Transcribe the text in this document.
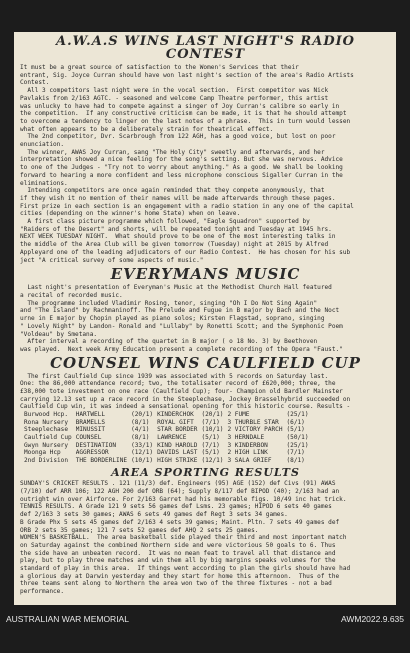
A.W.A.S WINS LAST NIGHT'S RADIO CONTEST
It must be a great source of satisfaction to the Women's Services that their
entrant, Sig. Joyce Curran should have won last night's section of the area's Radio Artists
Contest.
All 3 competitors last night were in the vocal section.  First competitor was Nick
Pavlakis from 2/163 AGTC. - seasoned and welcome Camp Theatre performer, this artist
was unlucky to have had to compete against a singer of Joy Curran's calibre so early in
the competition.  If any constructive criticism can be made, it is that he should attempt
to overcome a tendency to linger on the last notes of a phrase.  This in turn would lessen
what often appears to be a deliberately strain for theatrical effect.
The 2nd competitor, Dvr. Scarbrough from 122 AGH, has a good voice, but lost on poor
enunciation.
The winner, AWAS Joy Curran, sang "The Holy City" sweetly and afterwards, and her
interpretation showed a nice feeling for the song's setting. But she was nervous. Advice
to one of the Judges - "Try not to worry about anything." As a good. We shall be looking
forward to hearing a more confident and less microphone conscious Sigaller Curran in the
eliminations.
Intending competitors are once again reminded that they compete anonymously, that
if they wish it no mention of their names will be made afterwards through these pages.
First prize in each section is an engagement with a radio station in any one of the capital
cities (depending on the winner's home State) when on leave.
A first class picture programme which followed, "Eagle Squadron" supported by
"Raiders of the Desert" and shorts, will be repeated tonight and Tuesday at 1945 hrs.
NEXT WEEK TUESDAY NIGHT.  What should prove to be one of the most interesting talks in
the middle of the Area Club will be given tomorrow (Tuesday) night at 2015 by Alfred
Appleyard one of the leading adjudicators of our Radio Contest.  He has chosen for his sub
ject "A critical survey of some aspects of music."
EVERYMANS MUSIC
Last night's presentation of Everyman's Music at the Methodist Church Hall featured
a recital of recorded music.
The programme included Vladimir Rosing, tenor, singing "Oh I Do Not Sing Again"
and "The Island" by Rachmaninoff. The Prelude and Fugue in B major by Bach and the Noct
urne in E major by Chopin played as piano solos; Kirsten Flagstad, soprano, singing
" Lovely Night" by Landon- Ronald and "Lullaby" by Ronetti Scott; and the Symphonic Poem
"Voldeau" by Smetana.
After interval a recording of the quartet in B major ( o 18 No. 3) by Beethoven
was played.  Next week Army Education present a complete recording of the Opera "Faust."
COUNSEL WINS CAULFIELD CUP
The first Caulfield Cup since 1939 was associated with 5 records on Saturday last.
One: the 86,000 attendance record; two, the totalisater record of £620,000; three, the
£38,000 tote investment on one race (Caulfield Cup); four- Champion old Bardler Mainster
carrying 12.13 set up a race record in the Steeplechase, Jockey Brasselhybrid succeeded on
Caulfield Cup win, it was indeed a sensational opening for this historic course. Results -
Burwood Hcp.	HARTWELL	(20/1)	KINDERCHOK	(20/1)	2 FUME	(25/1)
Rona Nursery	BRAMELLS	(8/1)	ROYAL GIFT	(7/1)	3 THURBLE STAR	(6/1)
Steeplechase	MINUSSIT	(4/1)	STAR BORDER	(10/1)	2 VICTORY PARCH	(5/1)
Caulfield Cup	COUNSEL	(8/1)	LAWRENCE	(5/1)	3 HERNDALE	(50/1)
Gwyn Nursery	DESTINATION	(33/1)	KIND HAROLD	(7/1)	3 KINDERBON	(25/1)
Moonga Hcp	AGGRESSOR	(12/1)	DAVIDS LAST	(5/1)	2 HIGH LINK	(7/1)
2nd Division	THE BORDERLINE	(10/1)	HIGH STRIKE	(12/1)	3 SALA GRIEF	(8/1)
AREA SPORTING RESULTS
SUNDAY'S CRICKET RESULTS . 121 (11/3) def. Engineers (95) AGE (152) def Civs (91) AWAS
(7/10) def ARR 106; 122 AGH 200 def ORB (64); Supply 8/117 def BIPOD (40); 2/163 had an
outright win over Airforce. For 2/163 Garret had his memorable figs. 10/49 inc hat trick.
TENNIS RESULTS. A Grade 121 9 sets 56 games def Lsms. 23 games; HIPOD 6 sets 40 games
def 2/163 3 sets 30 games; AWAS 6 sets 49 games def Regt 3 sets 34 games.
B Grade Phx 5 sets 45 games def 2/163 4 sets 39 games; Maint. Pltn. 7 sets 49 games def
ORB 2 sets 35 games; 121 7 sets 52 games def AHQ 2 sets 25 games.
WOMEN'S BASKETBALL.  The area basketball side played their third and most important match
on Saturday against the combined Northern side and were victorious 50 goals to 6. Thus
the side have an unbeaten record.  It was no mean feat to travel all that distance and
play, but to play three matches and win them all by big margins speaks volumes for the
standard of play in this area.  If things went according to plan the girls should have had
a glorious day at Darwin yesterday and they start for home this afternoon.  Thus of the
three teams sent along to Northern the area won two of the three fixtures - not a bad
performance.
AUSTRALIAN WAR MEMORIAL	AWM2022.9.635
